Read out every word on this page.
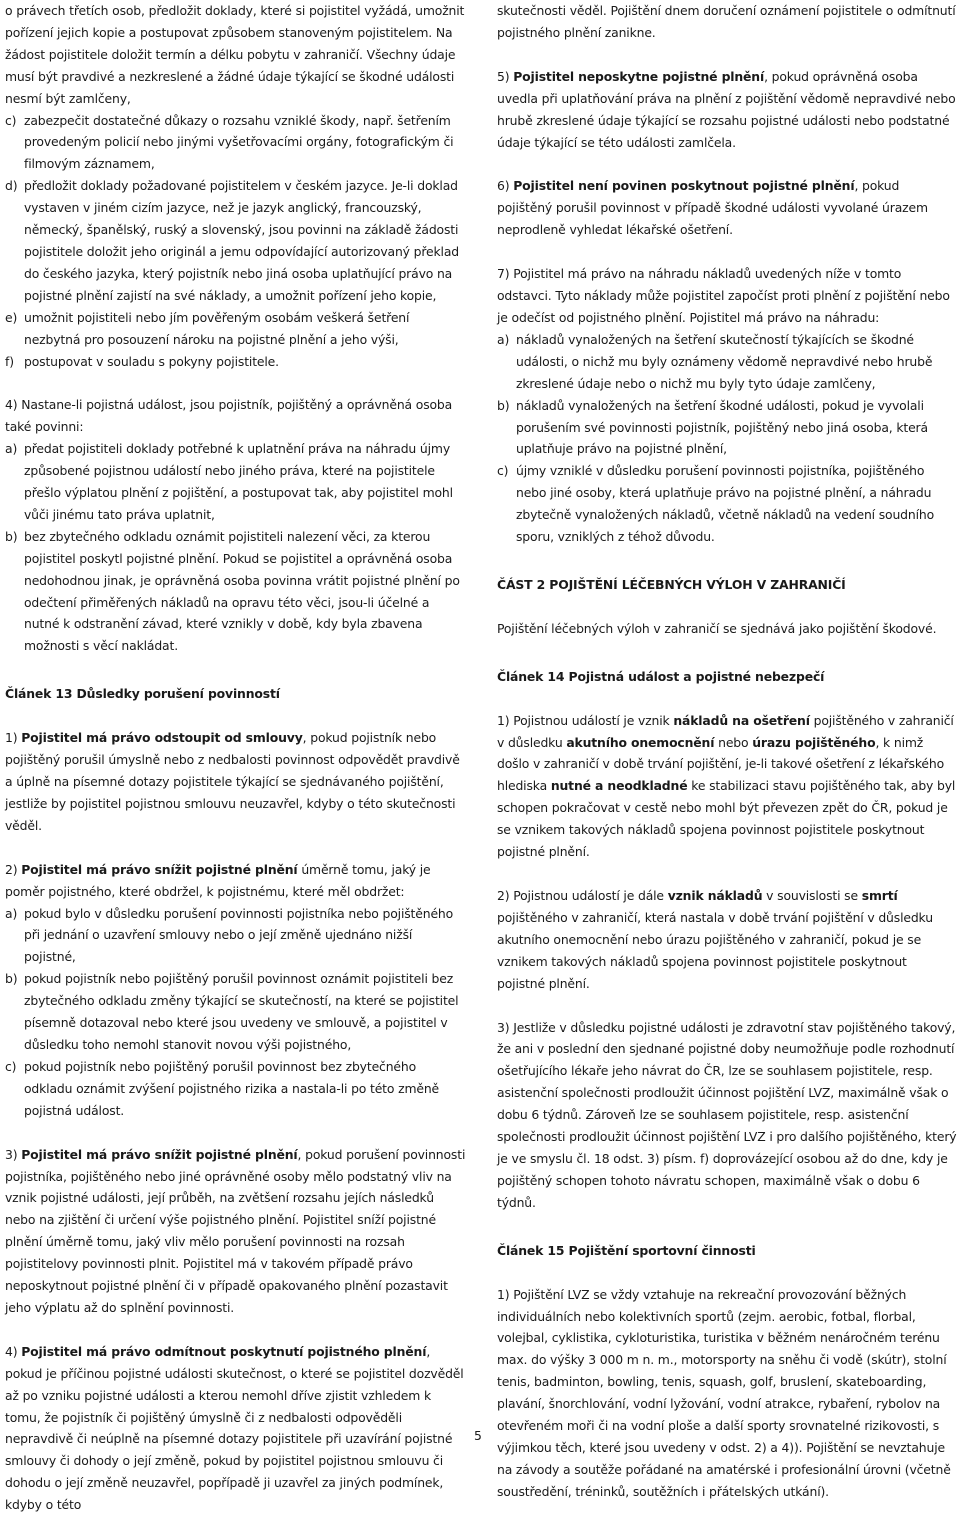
o právech třetích osob, předložit doklady, které si pojistitel vyžádá, umožnit pořízení jejich kopie a postupovat způsobem stanoveným pojistitelem. Na žádost pojistitele doložit termín a délku pobytu v zahraničí. Všechny údaje musí být pravdivé a nezkreslené a žádné údaje týkající se škodné události nesmí být zamlčeny,

c) zabezpečit dostatečné důkazy o rozsahu vzniklé škody, např. šetřením provedeným policií nebo jinými vyšetřovacími orgány, fotografickým či filmovým záznamem,
d) předložit doklady požadované pojistitelem v českém jazyce. Je-li doklad vystaven v jiném cizím jazyce, než je jazyk anglický, francouzský, německý, španělský, ruský a slovenský, jsou povinni na základě žádosti pojistitele doložit jeho originál a jemu odpovídající autorizovaný překlad do českého jazyka, který pojistník nebo jiná osoba uplatňující právo na pojistné plnění zajistí na své náklady, a umožnit pořízení jeho kopie,
e) umožnit pojistiteli nebo jím pověřeným osobám veškerá šetření nezbytná pro posouzení nároku na pojistné plnění a jeho výši,
f) postupovat v souladu s pokyny pojistitele.

4) Nastane-li pojistná událost, jsou pojistník, pojištěný a oprávněná osoba také povinni:

a) předat pojistiteli doklady potřebné k uplatnění práva na náhradu újmy způsobené pojistnou událostí nebo jiného práva, které na pojistitele přešlo výplatou plnění z pojištění, a postupovat tak, aby pojistitel mohl vůči jinému tato práva uplatnit,
b) bez zbytečného odkladu oznámit pojistiteli nalezení věci, za kterou pojistitel poskytl pojistné plnění. Pokud se pojistitel a oprávněná osoba nedohodnou jinak, je oprávněná osoba povinna vrátit pojistné plnění po odečtení přiměřených nákladů na opravu této věci, jsou-li účelné a nutné k odstranění závad, které vznikly v době, kdy byla zbavena možnosti s věcí nakládat.

Článek 13 Důsledky porušení povinností

1) Pojistitel má právo odstoupit od smlouvy, pokud pojistník nebo pojištěný porušil úmyslně nebo z nedbalosti povinnost odpovědět pravdivě a úplně na písemné dotazy pojistitele týkající se sjednávaného pojištění, jestliže by pojistitel pojistnou smlouvu neuzavřel, kdyby o této skutečnosti věděl.

2) Pojistitel má právo snížit pojistné plnění úměrně tomu, jaký je poměr pojistného, které obdržel, k pojistnému, které měl obdržet:

a) pokud bylo v důsledku porušení povinnosti pojistníka nebo pojištěného při jednání o uzavření smlouvy nebo o její změně ujednáno nižší pojistné,
b) pokud pojistník nebo pojištěný porušil povinnost oznámit pojistiteli bez zbytečného odkladu změny týkající se skutečností, na které se pojistitel písemně dotazoval nebo které jsou uvedeny ve smlouvě, a pojistitel v důsledku toho nemohl stanovit novou výši pojistného,
c) pokud pojistník nebo pojištěný porušil povinnost bez zbytečného odkladu oznámit zvýšení pojistného rizika a nastala-li po této změně pojistná událost.

3) Pojistitel má právo snížit pojistné plnění, pokud porušení povinnosti pojistníka, pojištěného nebo jiné oprávněné osoby mělo podstatný vliv na vznik pojistné události, její průběh, na zvětšení rozsahu jejích následků nebo na zjištění či určení výše pojistného plnění. Pojistitel sníží pojistné plnění úměrně tomu, jaký vliv mělo porušení povinnosti na rozsah pojistitelovy povinnosti plnit. Pojistitel má v takovém případě právo neposkytnout pojistné plnění či v případě opakovaného plnění pozastavit jeho výplatu až do splnění povinnosti.

4) Pojistitel má právo odmítnout poskytnutí pojistného plnění, pokud je příčinou pojistné události skutečnost, o které se pojistitel dozvěděl až po vzniku pojistné události a kterou nemohl dříve zjistit vzhledem k tomu, že pojistník či pojištěný úmyslně či z nedbalosti odpověděli nepravdivě či neúplně na písemné dotazy pojistitele při uzavírání pojistné smlouvy či dohody o její změně, pokud by pojistitel pojistnou smlouvu či dohodu o její změně neuzavřel, popřípadě ji uzavřel za jiných podmínek, kdyby o této

skutečnosti věděl. Pojištění dnem doručení oznámení pojistitele o odmítnutí pojistného plnění zanikne.

5) Pojistitel neposkytne pojistné plnění, pokud oprávněná osoba uvedla při uplatňování práva na plnění z pojištění vědomě nepravdivé nebo hrubě zkreslené údaje týkající se rozsahu pojistné události nebo podstatné údaje týkající se této události zamlčela.

6) Pojistitel není povinen poskytnout pojistné plnění, pokud pojištěný porušil povinnost v případě škodné události vyvolané úrazem neprodleně vyhledat lékařské ošetření.

7) Pojistitel má právo na náhradu nákladů uvedených níže v tomto odstavci. Tyto náklady může pojistitel započíst proti plnění z pojištění nebo je odečíst od pojistného plnění. Pojistitel má právo na náhradu:

a) nákladů vynaložených na šetření skutečností týkajících se škodné události, o nichž mu byly oznámeny vědomě nepravdivé nebo hrubě zkreslené údaje nebo o nichž mu byly tyto údaje zamlčeny,
b) nákladů vynaložených na šetření škodné události, pokud je vyvolali porušením své povinnosti pojistník, pojištěný nebo jiná osoba, která uplatňuje právo na pojistné plnění,
c) újmy vzniklé v důsledku porušení povinnosti pojistníka, pojištěného nebo jiné osoby, která uplatňuje právo na pojistné plnění, a náhradu zbytečně vynaložených nákladů, včetně nákladů na vedení soudního sporu, vzniklých z téhož důvodu.

ČÁST 2 POJIŠTĚNÍ LÉČEBNÝCH VÝLOH V ZAHRANIČÍ

Pojištění léčebných výloh v zahraničí se sjednává jako pojištění škodové.

Článek 14 Pojistná událost a pojistné nebezpečí

1) Pojistnou událostí je vznik nákladů na ošetření pojištěného v zahraničí v důsledku akutního onemocnění nebo úrazu pojištěného, k nimž došlo v zahraničí v době trvání pojištění, je-li takové ošetření z lékařského hlediska nutné a neodkladné ke stabilizaci stavu pojištěného tak, aby byl schopen pokračovat v cestě nebo mohl být převezen zpět do ČR, pokud je se vznikem takových nákladů spojena povinnost pojistitele poskytnout pojistné plnění.

2) Pojistnou událostí je dále vznik nákladů v souvislosti se smrtí pojištěného v zahraničí, která nastala v době trvání pojištění v důsledku akutního onemocnění nebo úrazu pojištěného v zahraničí, pokud je se vznikem takových nákladů spojena povinnost pojistitele poskytnout pojistné plnění.

3) Jestliže v důsledku pojistné události je zdravotní stav pojištěného takový, že ani v poslední den sjednané pojistné doby neumožňuje podle rozhodnutí ošetřujícího lékaře jeho návrat do ČR, lze se souhlasem pojistitele, resp. asistenční společnosti prodloužit účinnost pojištění LVZ, maximálně však o dobu 6 týdnů. Zároveň lze se souhlasem pojistitele, resp. asistenční společnosti prodloužit účinnost pojištění LVZ i pro dalšího pojištěného, který je ve smyslu čl. 18 odst. 3) písm. f) doprovázející osobou až do dne, kdy je pojištěný schopen tohoto návratu schopen, maximálně však o dobu 6 týdnů.

Článek 15 Pojištění sportovní činnosti

1) Pojištění LVZ se vždy vztahuje na rekreační provozování běžných individuálních nebo kolektivních sportů (zejm. aerobic, fotbal, florbal, volejbal, cyklistika, cykloturistika, turistika v běžném nenáročném terénu max. do výšky 3 000 m n. m., motorsporty na sněhu či vodě (skútr), stolní tenis, badminton, bowling, tenis, squash, golf, bruslení, skateboarding, plavání, šnorchlování, vodní lyžování, vodní atrakce, rybaření, rybolov na otevřeném moři či na vodní ploše a další sporty srovnatelné rizikovosti, s výjimkou těch, které jsou uvedeny v odst. 2) a 4)). Pojištění se nevztahuje na závody a soutěže pořádané na amatérské i profesionální úrovni (včetně soustředění, tréninků, soutěžních i přátelských utkání).

5
